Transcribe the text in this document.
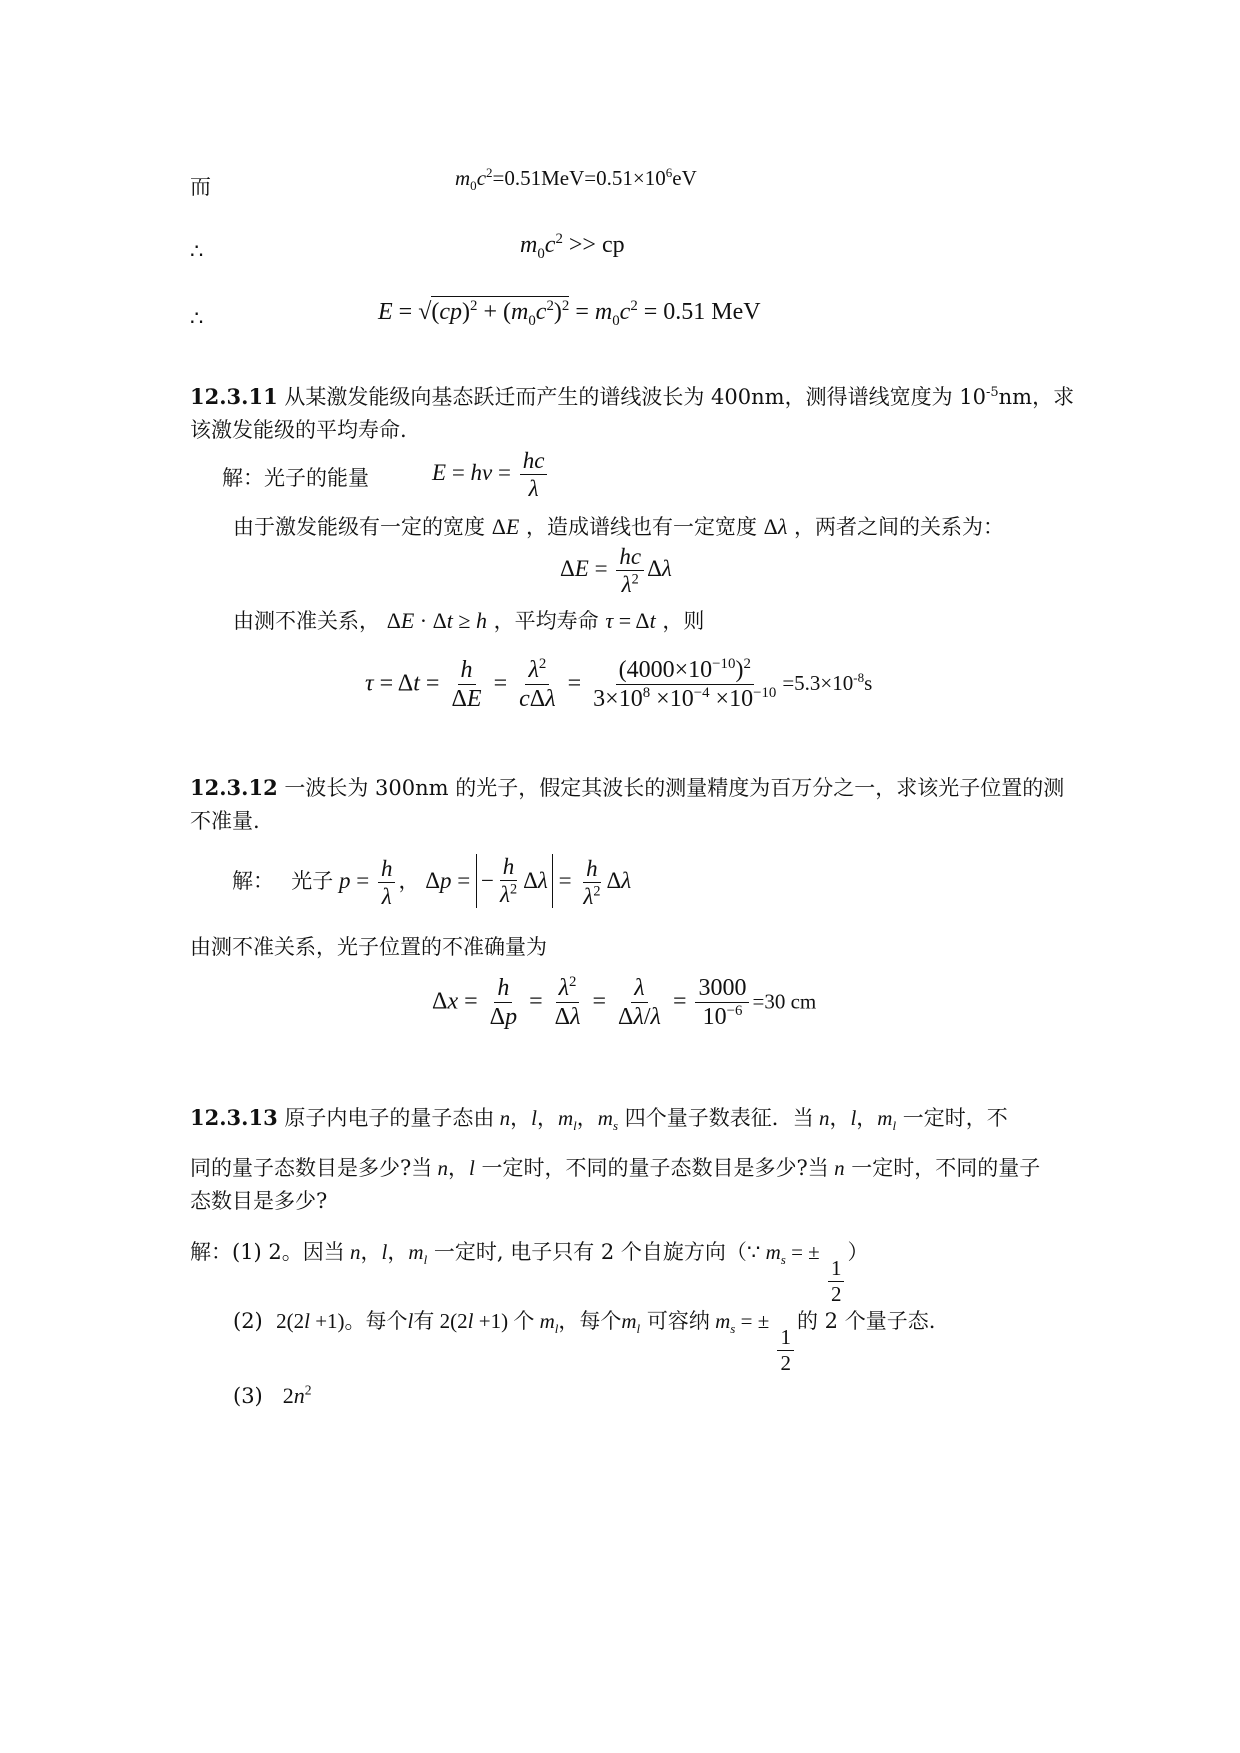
而	$m_0c^2=0.51MeV=0.51\times 10^6eV$
∴	$m_0c^2$ >> cp
∴	$E = √(cp)^2 + (m_0c^2)^2 = m_0c^2 = 0.51$ MeV
12.3.11 从某激发能级向基态跃迁而产生的谱线波长为 400nm，测得谱线宽度为 $10^{-5}nm$，求
该激发能级的平均寿命.
解：光子的能量	$E = h\nu = \frac{hc}{\lambda}$
由于激发能级有一定的宽度 ΔE ，造成谱线也有一定宽度 Δλ ，两者之间的关系为：
$\Delta E = \frac{hc}{\lambda^2}$ Δλ
由测不准关系， ΔE · Δt ≥ h ，平均寿命 τ = Δt ，则
$\tau = \Delta t = \frac{h}{\Delta E} = \frac{\lambda^2}{\text{cΔλ}} = \frac{(4000\times 10^{-10})^2}{3\times 10^8 \times 10^{-4} \times 10^{-10}} =5.3\times 10^{-8}s$
12.3.12 一波长为 300nm 的光子，假定其波长的测量精度为百万分之一，求该光子位置的测
不准量.
解： 光子 $p = \frac{h}{\lambda}$ ， Δp = − $\frac{h}{\lambda^2}$ Δ $\lambda = \frac{h}{\lambda^2}$ Δλ
由测不准关系，光子位置的不准确量为
$\Delta x = \frac{h}{\Delta p} = \frac{\lambda^2}{\Delta\lambda} = \frac{\lambda}{\Delta\lambda/\lambda} = \frac{3000}{10^{-6}} =30$ cm
12.3.13 原子内电子的量子态由 n，l，$m_l$，$m_s$ 四个量子数表征．当 n，l，$m_l$ 一定时，不
同的量子态数目是多少?当 n，l 一定时，不同的量子态数目是多少?当 n 一定时，不同的量子
态数目是多少?
解：(1) 2。因当 n，l，$m_l$ 一定时, 电子只有 2 个自旋方向（∵ $m_s$ = ±
$\frac{1}{2}$
）
(2) 2(2l +1)。每个l有 2(2l +1) 个 $m_l$，每个$m_l$ 可容纳 $m_s$ = ±
$\frac{1}{2}$
的 2 个量子态.
(3) $2n^2$
